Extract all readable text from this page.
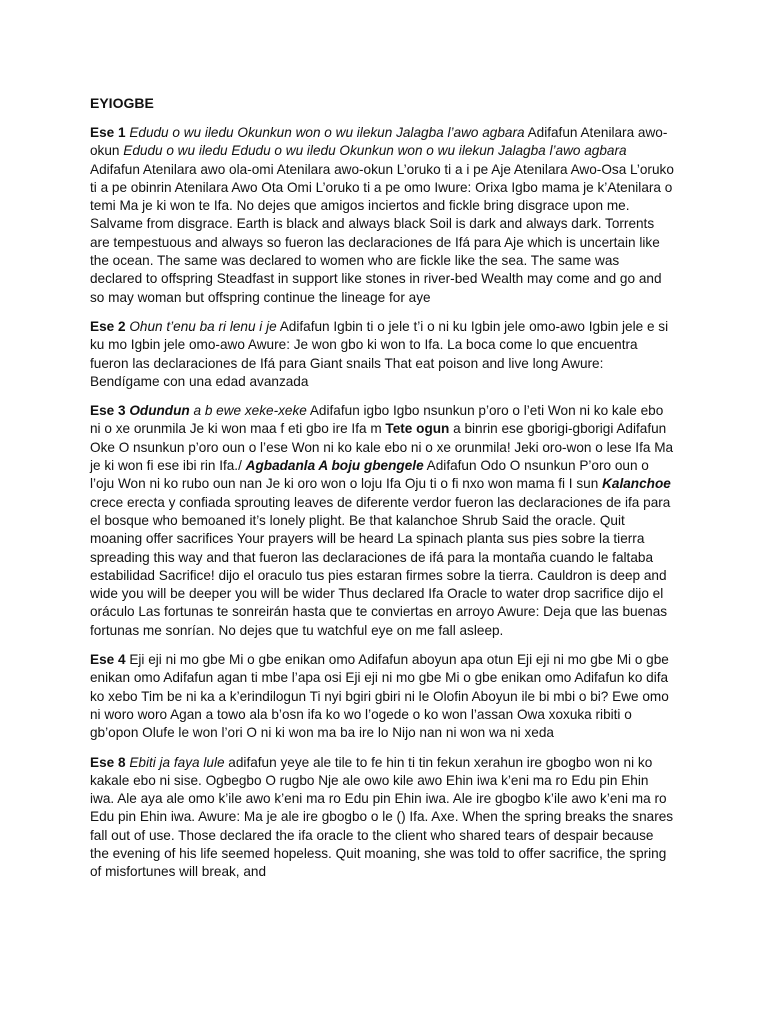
EYIOGBE

Ese 1 Edudu o wu iledu Okunkun won o wu ilekun Jalagba l’awo agbara Adifafun Atenilara awo-okun Edudu o wu iledu Edudu o wu iledu Okunkun won o wu ilekun Jalagba l’awo agbara Adifafun Atenilara awo ola-omi Atenilara awo-okun L’oruko ti a i pe Aje Atenilara Awo-Osa L’oruko ti a pe obinrin Atenilara Awo Ota Omi L’oruko ti a pe omo Iwure: Orixa Igbo mama je k’Atenilara o temi Ma je ki won te Ifa. No dejes que amigos inciertos and fickle bring disgrace upon me. Salvame from disgrace. Earth is black and always black Soil is dark and always dark. Torrents are tempestuous and always so fueron las declaraciones de Ifá para Aje which is uncertain like the ocean. The same was declared to women who are fickle like the sea. The same was declared to offspring Steadfast in support like stones in river-bed Wealth may come and go and so may woman but offspring continue the lineage for aye

Ese 2 Ohun t’enu ba ri lenu i je Adifafun Igbin ti o jele t’i o ni ku Igbin jele omo-awo Igbin jele e si ku mo Igbin jele omo-awo Awure: Je won gbo ki won to Ifa. La boca come lo que encuentra fueron las declaraciones de Ifá para Giant snails That eat poison and live long Awure: Bendígame con una edad avanzada

Ese 3 Odundun a b ewe xeke-xeke Adifafun igbo Igbo nsunkun p’oro o l’eti Won ni ko kale ebo ni o xe orunmila Je ki won maa f eti gbo ire Ifa m Tete ogun a binrin ese gborigi-gborigi Adifafun Oke O nsunkun p’oro oun o l’ese Won ni ko kale ebo ni o xe orunmila! Jeki oro-won o lese Ifa Ma je ki won fi ese ibi rin Ifa./ Agbadanla A boju gbengele Adifafun Odo O nsunkun P’oro oun o l’oju Won ni ko rubo oun nan Je ki oro won o loju Ifa Oju ti o fi nxo won mama fi I sun Kalanchoe crece erecta y confiada sprouting leaves de diferente verdor fueron las declaraciones de ifa para el bosque who bemoaned it’s lonely plight. Be that kalanchoe Shrub Said the oracle. Quit moaning offer sacrifices Your prayers will be heard La spinach planta sus pies sobre la tierra spreading this way and that fueron las declaraciones de ifá para la montaña cuando le faltaba estabilidad Sacrifice! dijo el oraculo tus pies estaran firmes sobre la tierra. Cauldron is deep and wide you will be deeper you will be wider Thus declared Ifa Oracle to water drop sacrifice dijo el oráculo Las fortunas te sonreirán hasta que te conviertas en arroyo Awure: Deja que las buenas fortunas me sonrían. No dejes que tu watchful eye on me fall asleep.

Ese 4 Eji eji ni mo gbe Mi o gbe enikan omo Adifafun aboyun apa otun Eji eji ni mo gbe Mi o gbe enikan omo Adifafun agan ti mbe l’apa osi Eji eji ni mo gbe Mi o gbe enikan omo Adifafun ko difa ko xebo Tim be ni ka a k’erindilogun Ti nyi bgiri gbiri ni le Olofin Aboyun ile bi mbi o bi? Ewe omo ni woro woro Agan a towo ala b’osn ifa ko wo l’ogede o ko won l’assan Owa xoxuka ribiti o gb’opon Olufe le won l’ori O ni ki won ma ba ire lo Nijo nan ni won wa ni xeda

Ese 8 Ebiti ja faya lule adifafun yeye ale tile to fe hin ti tin fekun xerahun ire gbogbo won ni ko kakale ebo ni sise. Ogbegbo O rugbo Nje ale owo kile awo Ehin iwa k’eni ma ro Edu pin Ehin iwa. Ale aya ale omo k’ile awo k’eni ma ro Edu pin Ehin iwa. Ale ire gbogbo k’ile awo k’eni ma ro Edu pin Ehin iwa. Awure: Ma je ale ire gbogbo o le () Ifa. Axe. When the spring breaks the snares fall out of use. Those declared the ifa oracle to the client who shared tears of despair because the evening of his life seemed hopeless. Quit moaning, she was told to offer sacrifice, the spring of misfortunes will break, and
